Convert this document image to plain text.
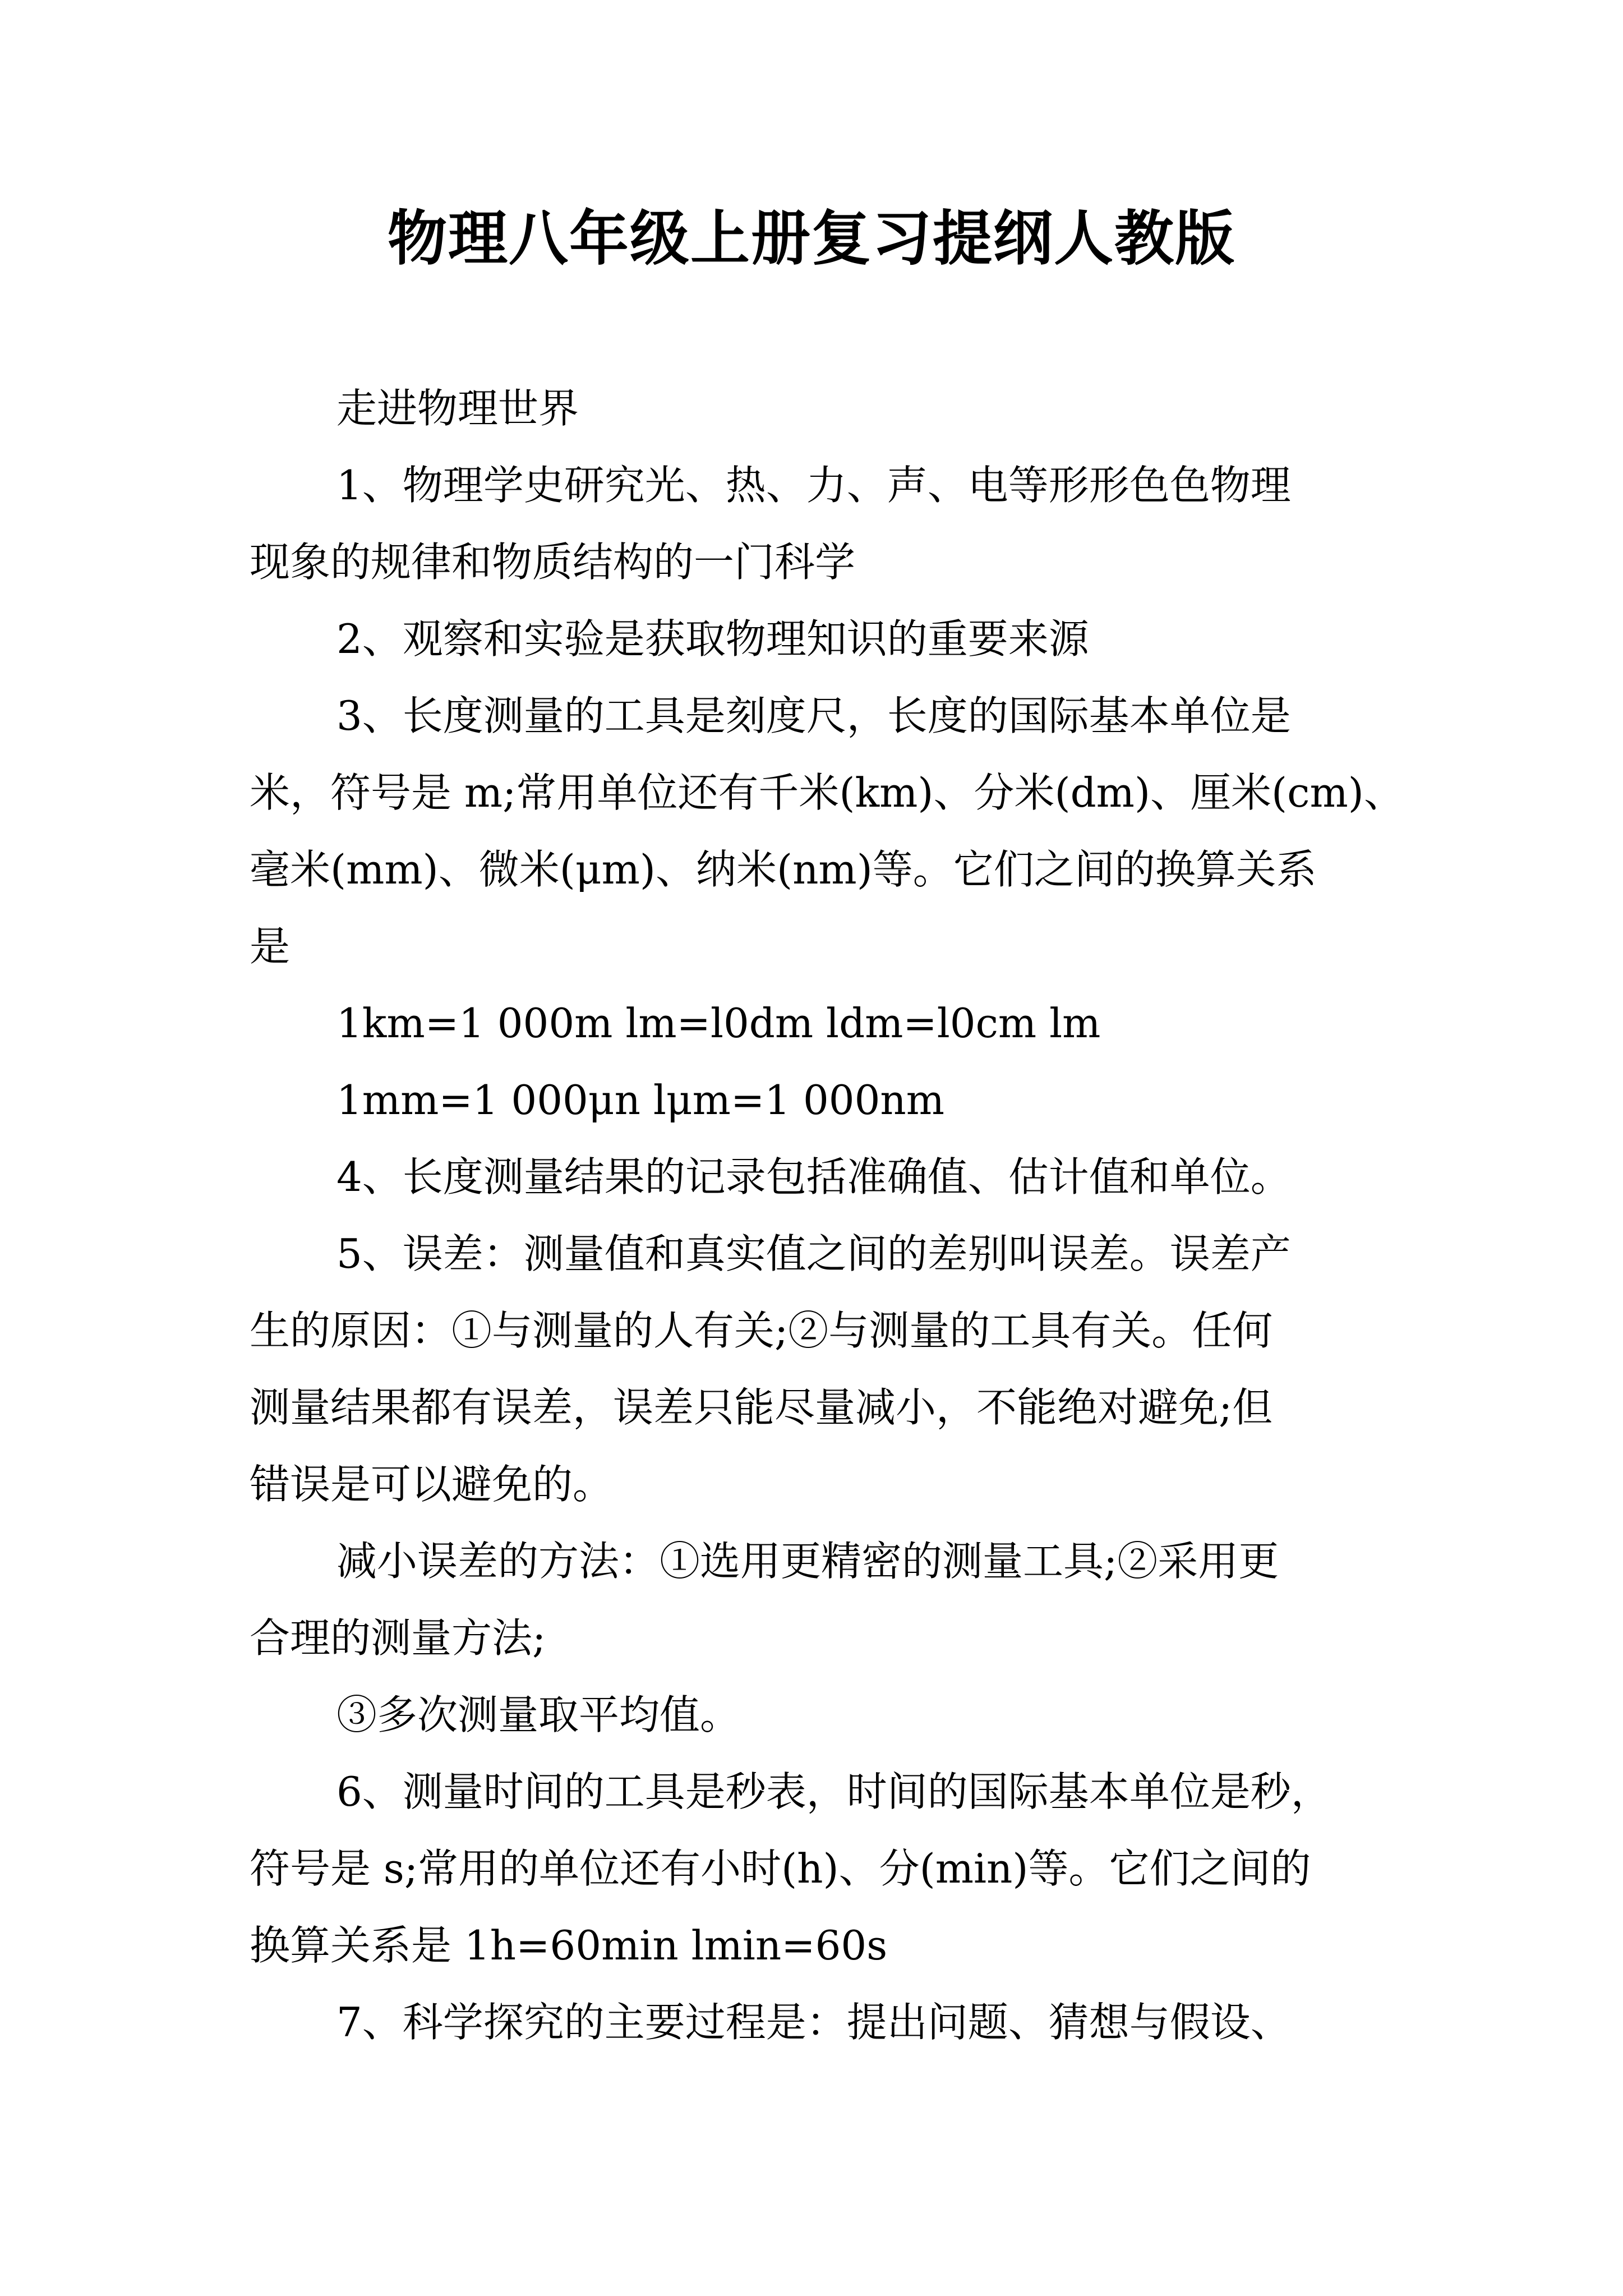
物理八年级上册复习提纲人教版
走进物理世界
1、物理学史研究光、热、力、声、电等形形色色物理
现象的规律和物质结构的一门科学
2、观察和实验是获取物理知识的重要来源
3、长度测量的工具是刻度尺，长度的国际基本单位是
米，符号是 m;常用单位还有千米(km)、分米(dm)、厘米(cm)、
毫米(mm)、微米(μm)、纳米(nm)等。它们之间的换算关系
是
1km=1 000m lm=l0dm ldm=l0cm lm
1mm=1 000μn lμm=1 000nm
4、长度测量结果的记录包括准确值、估计值和单位。
5、误差：测量值和真实值之间的差别叫误差。误差产
生的原因：①与测量的人有关;②与测量的工具有关。任何
测量结果都有误差，误差只能尽量减小，不能绝对避免;但
错误是可以避免的。
减小误差的方法：①选用更精密的测量工具;②采用更
合理的测量方法;
③多次测量取平均值。
6、测量时间的工具是秒表，时间的国际基本单位是秒，
符号是 s;常用的单位还有小时(h)、分(min)等。它们之间的
换算关系是 1h=60min lmin=60s
7、科学探究的主要过程是：提出问题、猜想与假设、
